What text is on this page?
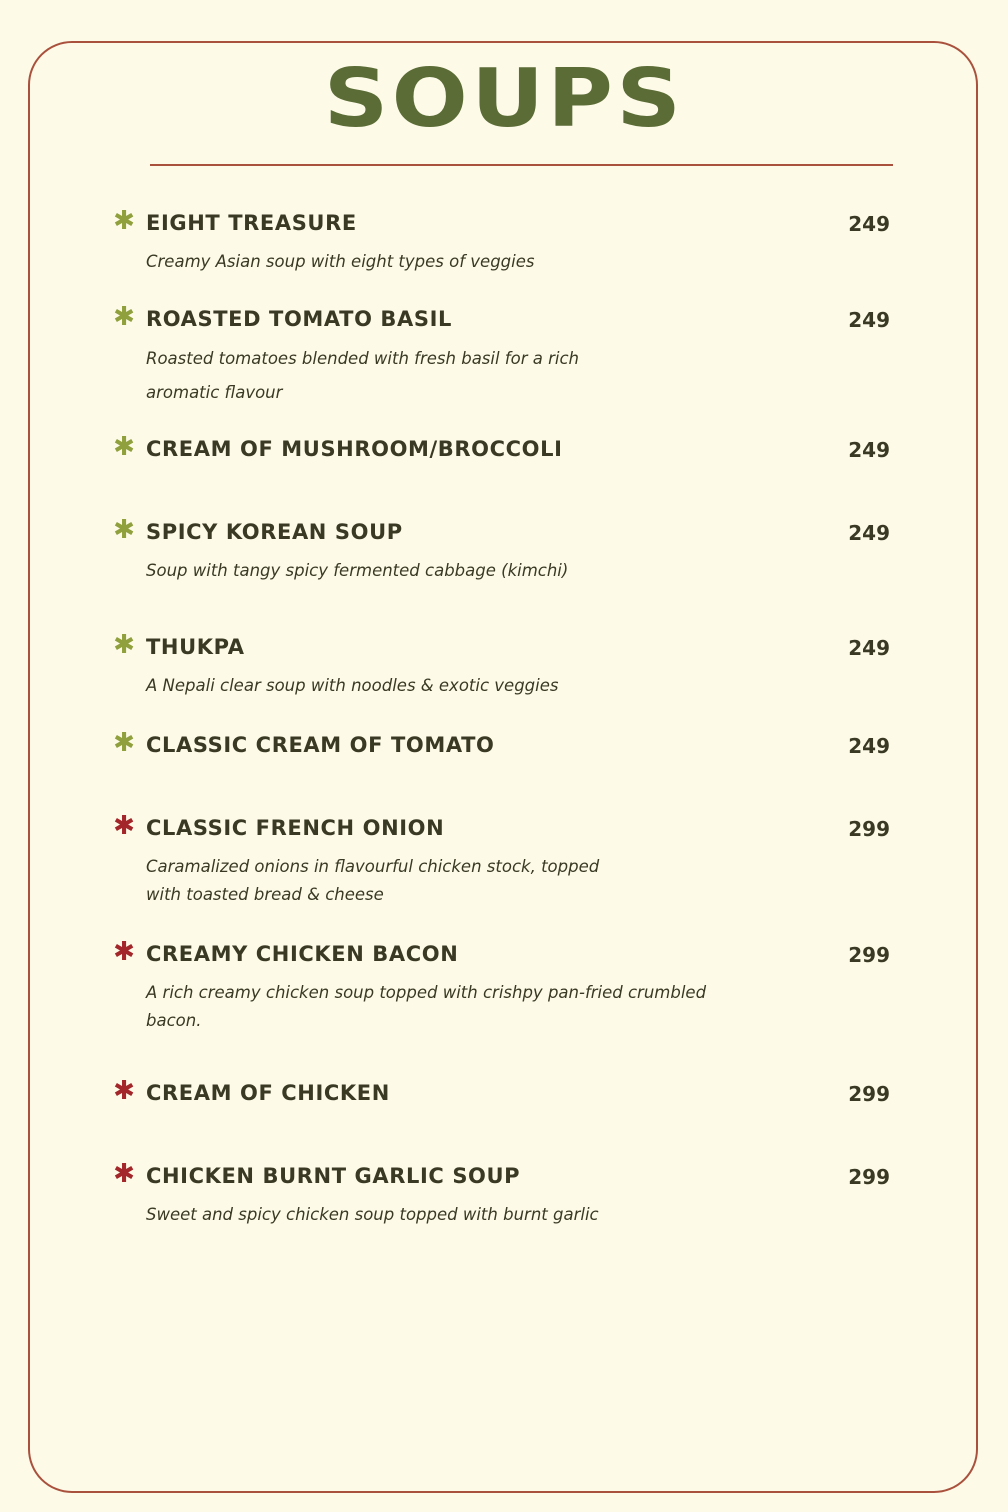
SOUPS
✱ EIGHT TREASURE	249
Creamy Asian soup with eight types of veggies
✱ ROASTED TOMATO BASIL	249
Roasted tomatoes blended with fresh basil for a rich aromatic flavour
✱ CREAM OF MUSHROOM/BROCCOLI	249
✱ SPICY KOREAN SOUP	249
Soup with tangy spicy fermented cabbage (kimchi)
✱ THUKPA	249
A Nepali clear soup with noodles & exotic veggies
✱ CLASSIC CREAM OF TOMATO	249
✱ CLASSIC FRENCH ONION	299
Caramalized onions in flavourful chicken stock, topped with toasted bread & cheese
✱ CREAMY CHICKEN BACON	299
A rich creamy chicken soup topped with crishpy pan-fried crumbled bacon.
✱ CREAM OF CHICKEN	299
✱ CHICKEN BURNT GARLIC SOUP	299
Sweet and spicy chicken soup topped with burnt garlic
